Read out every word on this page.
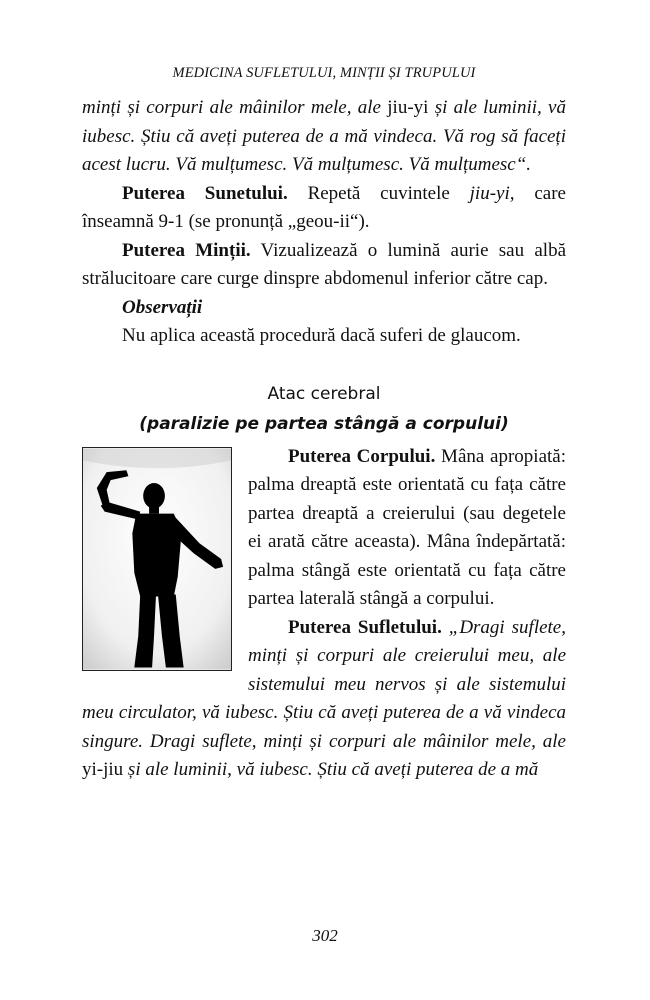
MEDICINA SUFLETULUI, MINȚII ȘI TRUPULUI

minți și corpuri ale mâinilor mele, ale jiu-yi și ale luminii, vă iubesc. Știu că aveți puterea de a mă vindeca. Vă rog să faceți acest lucru. Vă mulțumesc. Vă mulțumesc. Vă mulțumesc“.

Puterea Sunetului. Repetă cuvintele jiu-yi, care înseamnă 9-1 (se pronunță „geou-ii“).

Puterea Minții. Vizualizează o lumină aurie sau albă strălucitoare care curge dinspre abdomenul inferior către cap.

Observații

Nu aplica această procedură dacă suferi de glaucom.

Atac cerebral
(paralizie pe partea stângă a corpului)

Puterea Corpului. Mâna apropiată: palma dreaptă este orientată cu fața către partea dreaptă a creierului (sau degetele ei arată către aceasta). Mâna îndepărtată: palma stângă este orientată cu fața către partea laterală stângă a corpului.

Puterea Sufletului. „Dragi suflete, minți și corpuri ale creierului meu, ale sistemului meu nervos și ale sistemului meu circulator, vă iubesc. Știu că aveți puterea de a vă vindeca singure. Dragi suflete, minți și corpuri ale mâinilor mele, ale yi-jiu și ale luminii, vă iubesc. Știu că aveți puterea de a mă

302
